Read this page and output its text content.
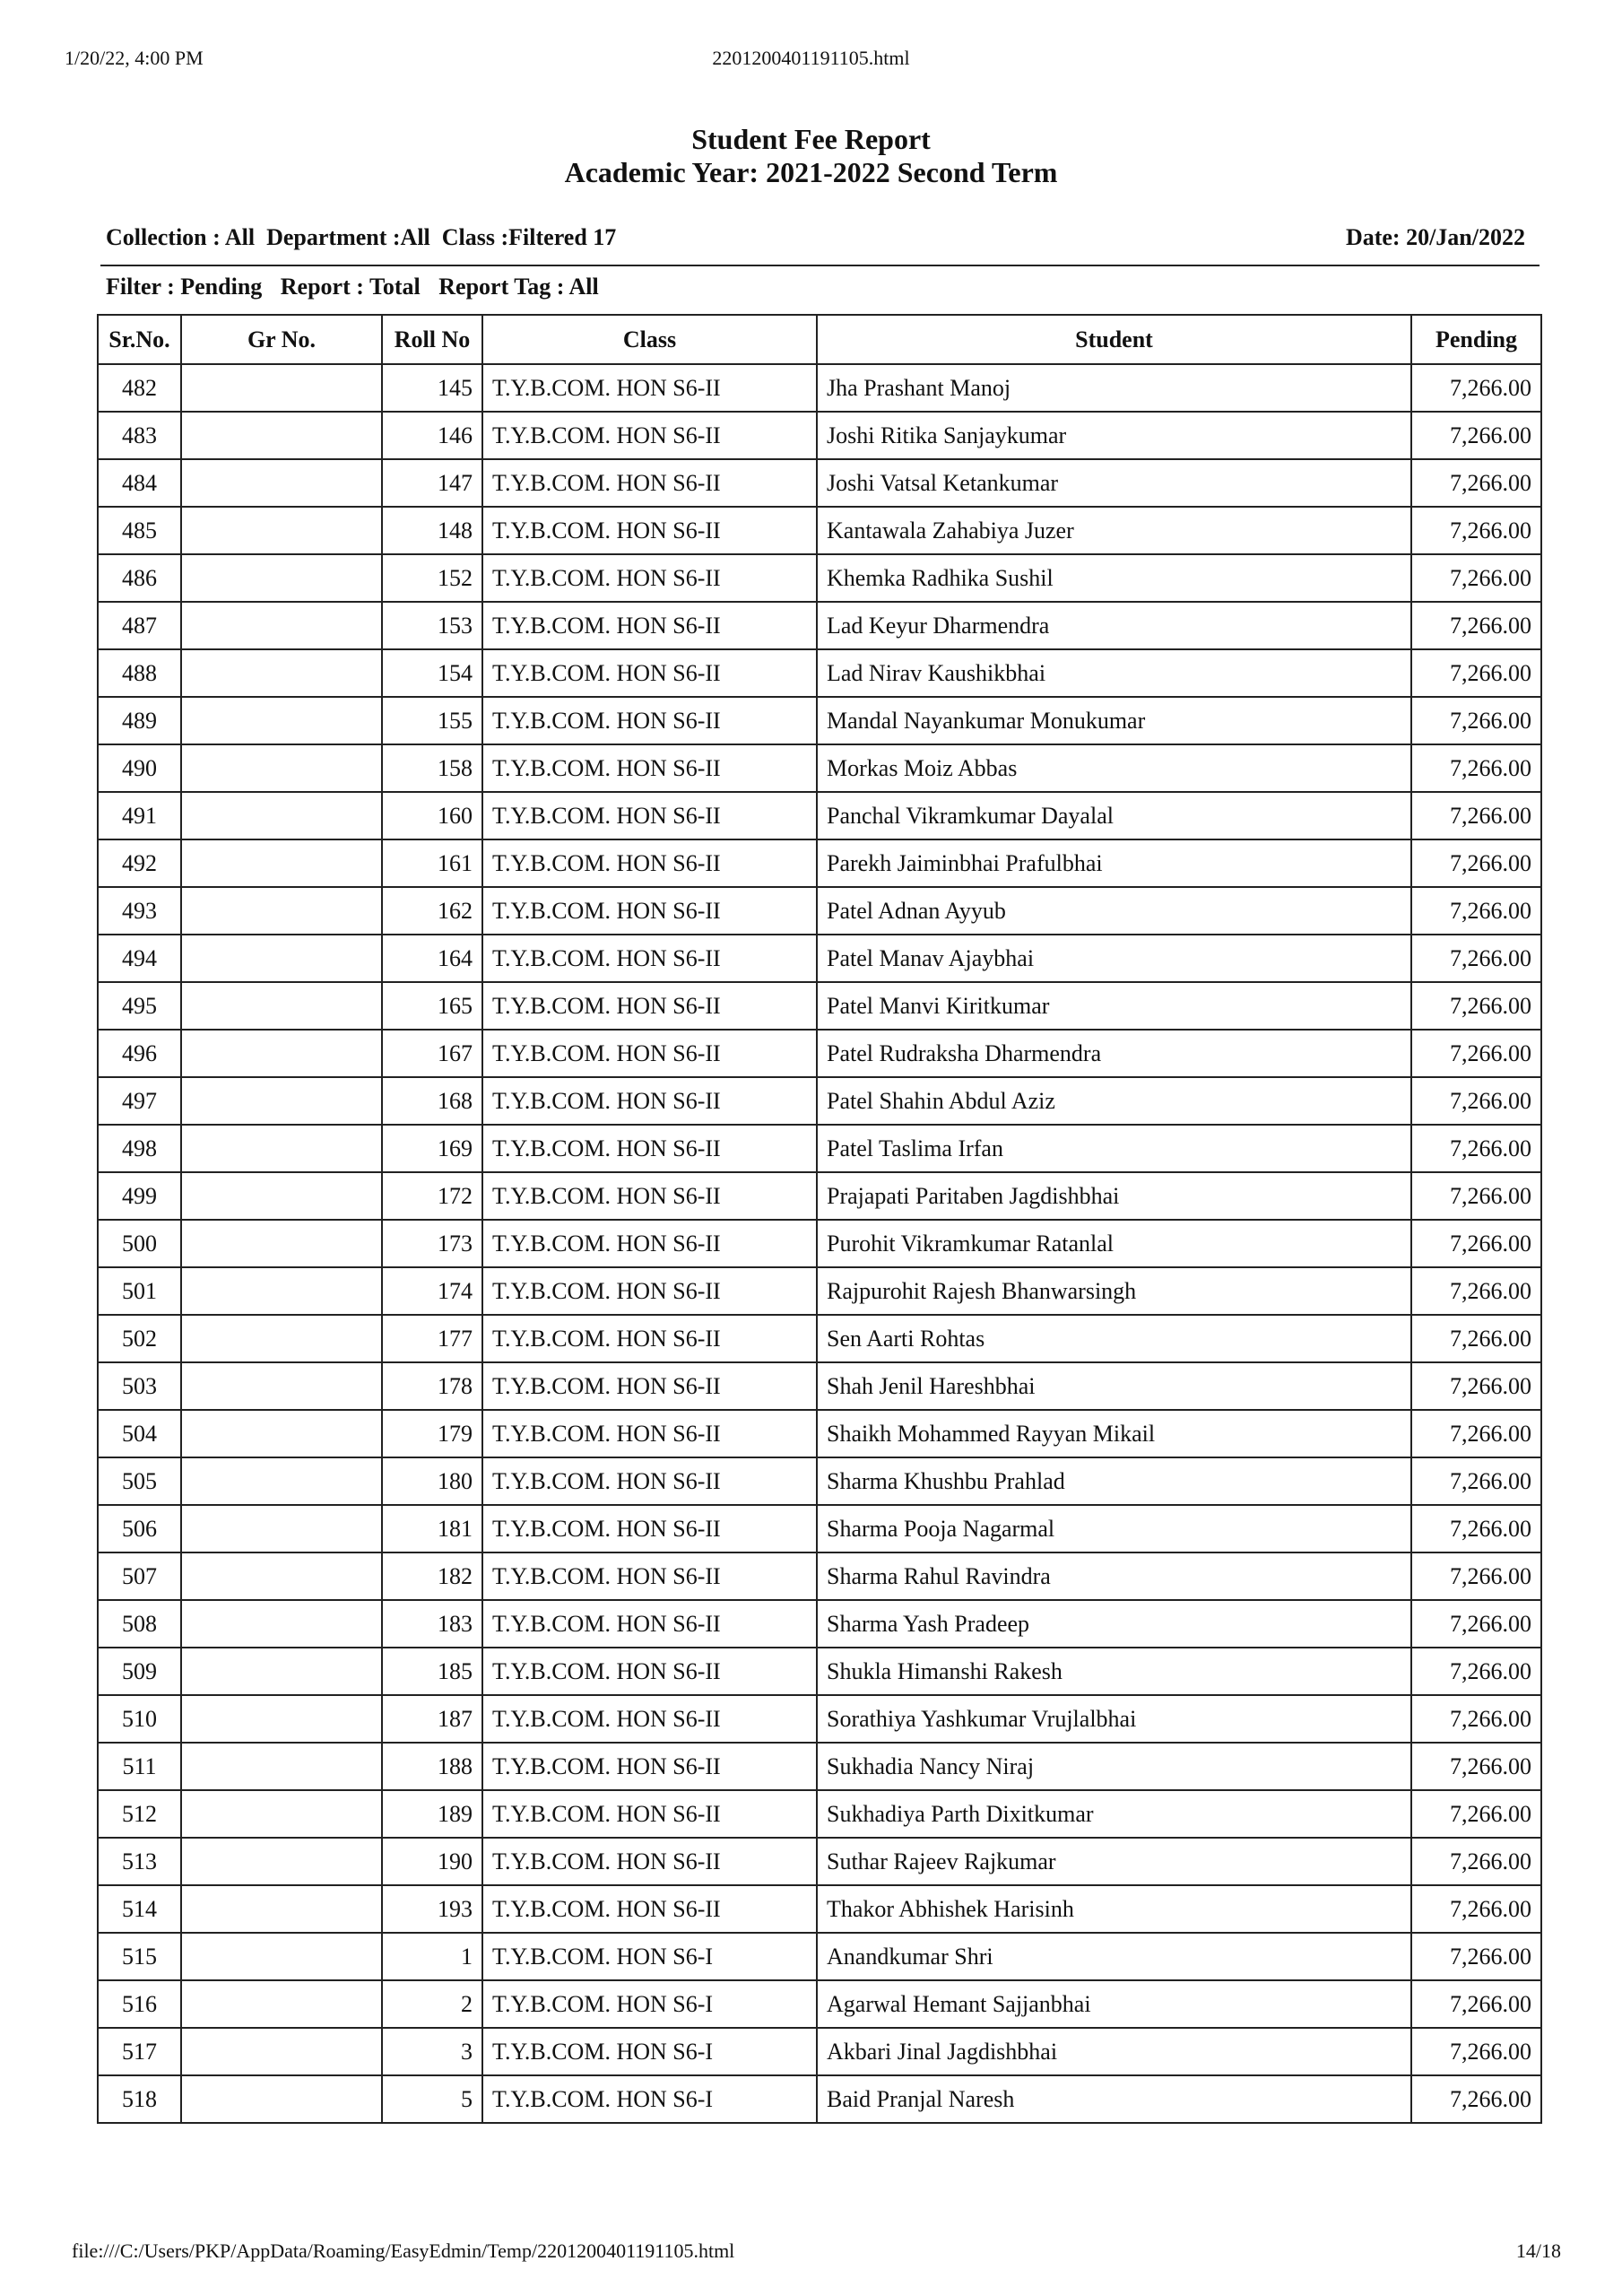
1/20/22, 4:00 PM	2201200401191105.html
Student Fee Report
Academic Year: 2021-2022 Second Term
Collection : All Department :All Class :Filtered 17	Date: 20/Jan/2022
Filter : Pending Report : Total Report Tag : All
Sr.No.	Gr No.	Roll No	Class	Student	Pending
482		145	T.Y.B.COM. HON S6-II	Jha Prashant Manoj	7,266.00
483		146	T.Y.B.COM. HON S6-II	Joshi Ritika Sanjaykumar	7,266.00
484		147	T.Y.B.COM. HON S6-II	Joshi Vatsal Ketankumar	7,266.00
485		148	T.Y.B.COM. HON S6-II	Kantawala Zahabiya Juzer	7,266.00
486		152	T.Y.B.COM. HON S6-II	Khemka Radhika Sushil	7,266.00
487		153	T.Y.B.COM. HON S6-II	Lad Keyur Dharmendra	7,266.00
488		154	T.Y.B.COM. HON S6-II	Lad Nirav Kaushikbhai	7,266.00
489		155	T.Y.B.COM. HON S6-II	Mandal Nayankumar Monukumar	7,266.00
490		158	T.Y.B.COM. HON S6-II	Morkas Moiz Abbas	7,266.00
491		160	T.Y.B.COM. HON S6-II	Panchal Vikramkumar Dayalal	7,266.00
492		161	T.Y.B.COM. HON S6-II	Parekh Jaiminbhai Prafulbhai	7,266.00
493		162	T.Y.B.COM. HON S6-II	Patel Adnan Ayyub	7,266.00
494		164	T.Y.B.COM. HON S6-II	Patel Manav Ajaybhai	7,266.00
495		165	T.Y.B.COM. HON S6-II	Patel Manvi Kiritkumar	7,266.00
496		167	T.Y.B.COM. HON S6-II	Patel Rudraksha Dharmendra	7,266.00
497		168	T.Y.B.COM. HON S6-II	Patel Shahin Abdul Aziz	7,266.00
498		169	T.Y.B.COM. HON S6-II	Patel Taslima Irfan	7,266.00
499		172	T.Y.B.COM. HON S6-II	Prajapati Paritaben Jagdishbhai	7,266.00
500		173	T.Y.B.COM. HON S6-II	Purohit Vikramkumar Ratanlal	7,266.00
501		174	T.Y.B.COM. HON S6-II	Rajpurohit Rajesh Bhanwarsingh	7,266.00
502		177	T.Y.B.COM. HON S6-II	Sen Aarti Rohtas	7,266.00
503		178	T.Y.B.COM. HON S6-II	Shah Jenil Hareshbhai	7,266.00
504		179	T.Y.B.COM. HON S6-II	Shaikh Mohammed Rayyan Mikail	7,266.00
505		180	T.Y.B.COM. HON S6-II	Sharma Khushbu Prahlad	7,266.00
506		181	T.Y.B.COM. HON S6-II	Sharma Pooja Nagarmal	7,266.00
507		182	T.Y.B.COM. HON S6-II	Sharma Rahul Ravindra	7,266.00
508		183	T.Y.B.COM. HON S6-II	Sharma Yash Pradeep	7,266.00
509		185	T.Y.B.COM. HON S6-II	Shukla Himanshi Rakesh	7,266.00
510		187	T.Y.B.COM. HON S6-II	Sorathiya Yashkumar Vrujlalbhai	7,266.00
511		188	T.Y.B.COM. HON S6-II	Sukhadia Nancy Niraj	7,266.00
512		189	T.Y.B.COM. HON S6-II	Sukhadiya Parth Dixitkumar	7,266.00
513		190	T.Y.B.COM. HON S6-II	Suthar Rajeev Rajkumar	7,266.00
514		193	T.Y.B.COM. HON S6-II	Thakor Abhishek Harisinh	7,266.00
515		1	T.Y.B.COM. HON S6-I	Anandkumar Shri	7,266.00
516		2	T.Y.B.COM. HON S6-I	Agarwal Hemant Sajjanbhai	7,266.00
517		3	T.Y.B.COM. HON S6-I	Akbari Jinal Jagdishbhai	7,266.00
518		5	T.Y.B.COM. HON S6-I	Baid Pranjal Naresh	7,266.00
file:///C:/Users/PKP/AppData/Roaming/EasyEdmin/Temp/2201200401191105.html	14/18
